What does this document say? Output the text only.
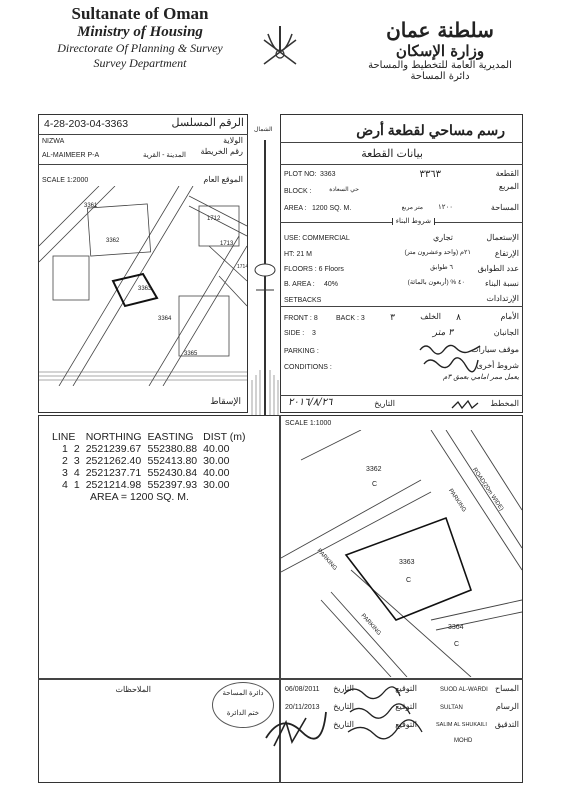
Sultanate of Oman
Ministry of Housing
Directorate Of Planning & Survey
Survey Department
سلطنة عمان
وزارة الإسكان
المديرية العامة للتخطيط والمساحة
دائرة المساحة
4-28-203-04-3363	الرقم المسلسل
NIZWA	الولاية
رقم الخريطة
AL-MAIMEER P-A	المدينة - القرية
SCALE 1:2000	الموقع العام
3361
3362
1712
1713
1714
3363
3364
3365
الإسقاط
الشمال	رسم مساحي لقطعة أرض
بيانات القطعة
PLOT NO: 3363	٣٣٦٣	القطعة
المربع
BLOCK :	حي السعادة
AREA : 1200 SQ. M.	متر مربع ١٢٠٠	المساحة
شروط البناء
USE: COMMERCIAL	تجاري	الإستعمال
HT: 21 M	٢١م (واحد وعشرون متر)	الإرتفاع
FLOORS : 6 Floors	٦ طوابق	عدد الطوابق
B. AREA : 40%	٤٠ % (أربعون بالمائة)	نسبة البناء
SETBACKS	الإرتدادات
FRONT : 8	BACK : 3	٣	الخلف ٨	الأمام
SIDE : 3	٣ متر	الجانبان
PARKING :	موقف سيارات
CONDITIONS :	شروط أخرى
يعمل ممر امامي بعمق ٣م
المخطط
التاريخ
٢٠١٦/٨/٢٦
LINE		NORTHING	EASTING	DIST (m)
1	2	2521239.67	552380.88	40.00
2	3	2521262.40	552413.80	30.00
3	4	2521237.71	552430.84	40.00
4	1	2521214.98	552397.93	30.00
AREA = 1200 SQ. M.				
SCALE 1:1000
3362
C
3363
C
3364
C
PARKING ROAD(20m WIDE)
PARKING
PARKING
الملاحظات	دائرة المساحة
ختم الدائرة
06/08/2011 التاريخ	التوقيع	SUOD AL-WARDI المساح
20/11/2013 التاريخ	التوقيع	SULTAN	الرسام
التاريخ	التوقيع	SALIM AL SHUKAILI التدقيق
MOHD
